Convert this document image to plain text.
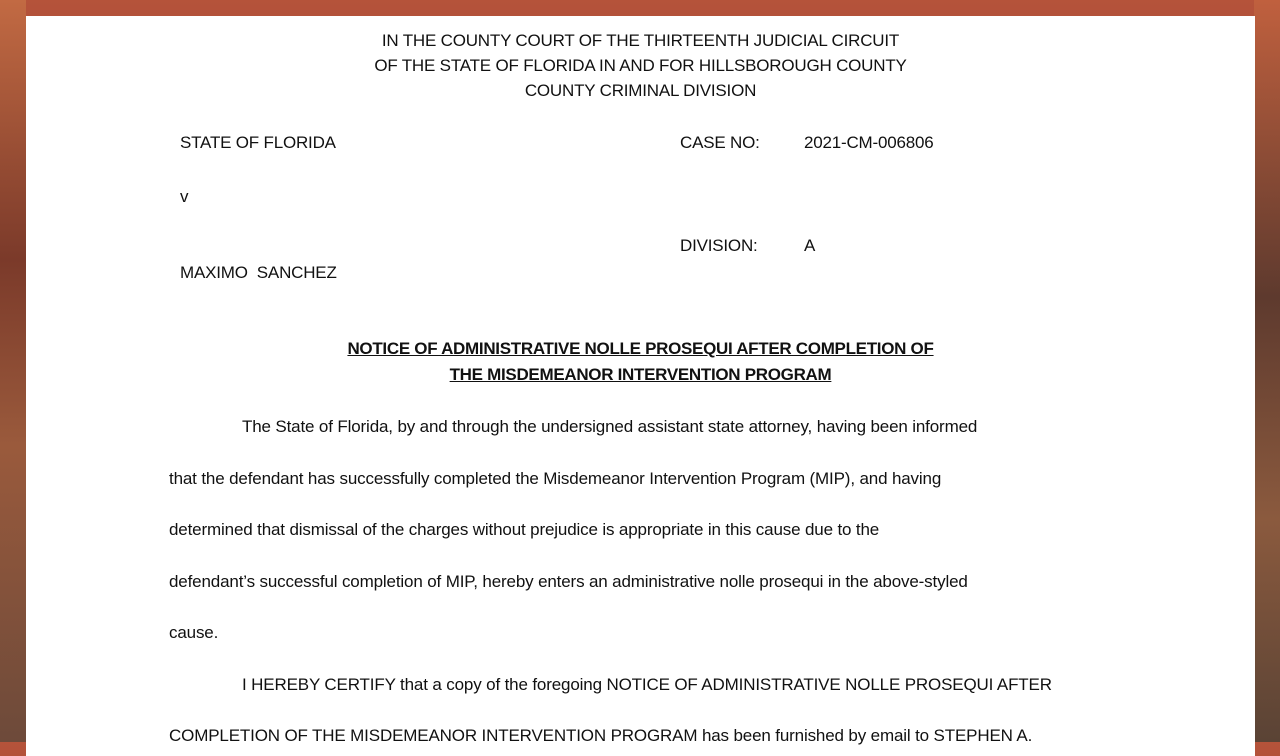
IN THE COUNTY COURT OF THE THIRTEENTH JUDICIAL CIRCUIT
OF THE STATE OF FLORIDA IN AND FOR HILLSBOROUGH COUNTY
COUNTY CRIMINAL DIVISION
STATE OF FLORIDA	CASE NO:	2021-CM-006806
v
DIVISION:	A
MAXIMO  SANCHEZ
NOTICE OF ADMINISTRATIVE NOLLE PROSEQUI AFTER COMPLETION OF
THE MISDEMEANOR INTERVENTION PROGRAM
The State of Florida, by and through the undersigned assistant state attorney, having been informed
that the defendant has successfully completed the Misdemeanor Intervention Program (MIP), and having
determined that dismissal of the charges without prejudice is appropriate in this cause due to the
defendant’s successful completion of MIP, hereby enters an administrative nolle prosequi in the above-styled
cause.
I HEREBY CERTIFY that a copy of the foregoing NOTICE OF ADMINISTRATIVE NOLLE PROSEQUI AFTER
COMPLETION OF THE MISDEMEANOR INTERVENTION PROGRAM has been furnished by email to STEPHEN A.
